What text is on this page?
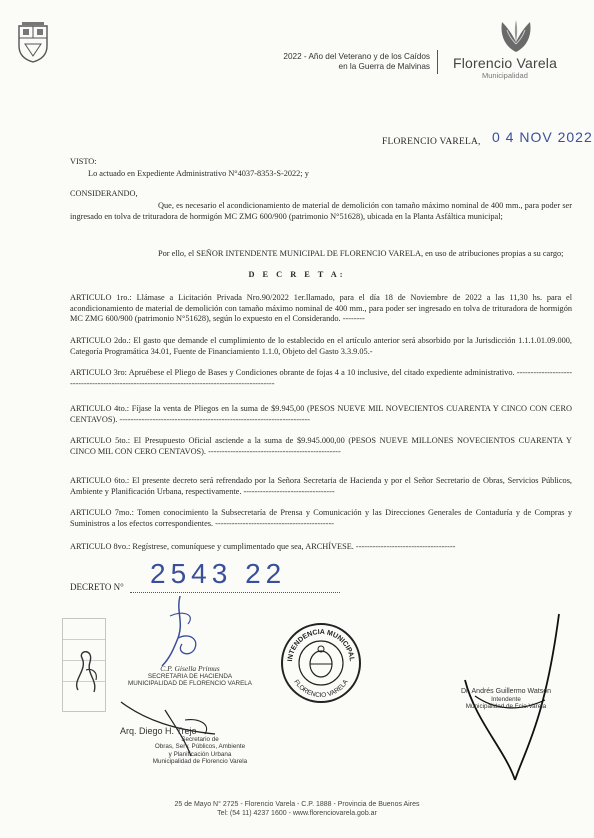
2022 - Año del Veterano y de los Caídos
en la Guerra de Malvinas Florencio Varela
Municipalidad
FLORENCIO VARELA, 0 4 NOV 2022
VISTO:
Lo actuado en Expediente Administrativo N°4037-8353-S-2022; y
CONSIDERANDO,
Que, es necesario el acondicionamiento de material de demolición con tamaño máximo nominal de 400 mm., para poder ser ingresado en tolva de trituradora de hormigón MC ZMG 600/900 (patrimonio N°51628), ubicada en la Planta Asfáltica municipal;
Por ello, el SEÑOR INTENDENTE MUNICIPAL DE FLORENCIO VARELA, en uso de atribuciones propias a su cargo;
D E C R E T A:
ARTICULO 1ro.: Llámase a Licitación Privada Nro.90/2022 1er.llamado, para el día 18 de Noviembre de 2022 a las 11,30 hs. para el acondicionamiento de material de demolición con tamaño máximo nominal de 400 mm., para poder ser ingresado en tolva de trituradora de hormigón MC ZMG 600/900 (patrimonio N°51628), según lo expuesto en el Considerando. --------
ARTICULO 2do.: El gasto que demande el cumplimiento de lo establecido en el artículo anterior será absorbido por la Jurisdicción 1.1.1.01.09.000, Categoría Programática 34.01, Fuente de Financiamiento 1.1.0, Objeto del Gasto 3.3.9.05.-
ARTICULO 3ro: Apruébese el Pliego de Bases y Condiciones obrante de fojas 4 a 10 inclusive, del citado expediente administrativo. ----------------------------------------------------------------------------------------------
ARTICULO 4to.: Fíjase la venta de Pliegos en la suma de $9.945,00 (PESOS NUEVE MIL NOVECIENTOS CUARENTA Y CINCO CON CERO CENTAVOS). ---------------------------------------------------------------------
ARTICULO 5to.: El Presupuesto Oficial asciende a la suma de $9.945.000,00 (PESOS NUEVE MILLONES NOVECIENTOS CUARENTA Y CINCO MIL CON CERO CENTAVOS). ------------------------------------------------
ARTICULO 6to.: El presente decreto será refrendado por la Señora Secretaria de Hacienda y por el Señor Secretario de Obras, Servicios Públicos, Ambiente y Planificación Urbana, respectivamente. ---------------------------------
ARTICULO 7mo.: Tomen conocimiento la Subsecretaría de Prensa y Comunicación y las Direcciones Generales de Contaduría y de Compras y Suministros a los efectos correspondientes. -------------------------------------------
ARTICULO 8vo.: Regístrese, comuníquese y cumplimentado que sea, ARCHÍVESE. ------------------------------------
DECRETO N° 2543 22
C.P. Gisella Primus
SECRETARIA DE HACIENDA
MUNICIPALIDAD DE FLORENCIO VARELA
Arq. Diego H. Trejo
Secretario de
Obras, Serv. Públicos, Ambiente
y Planificación Urbana
Municipalidad de Florencio Varela
INTENDENCIA MUNICIPAL
FLORENCIO VARELA
Dr. Andrés Guillermo Watson
Intendente
Municipalidad de Fcio.Varela
25 de Mayo N° 2725 - Florencio Varela - C.P. 1888 - Provincia de Buenos Aires
Tel: (54 11) 4237 1600 - www.florenciovarela.gob.ar
